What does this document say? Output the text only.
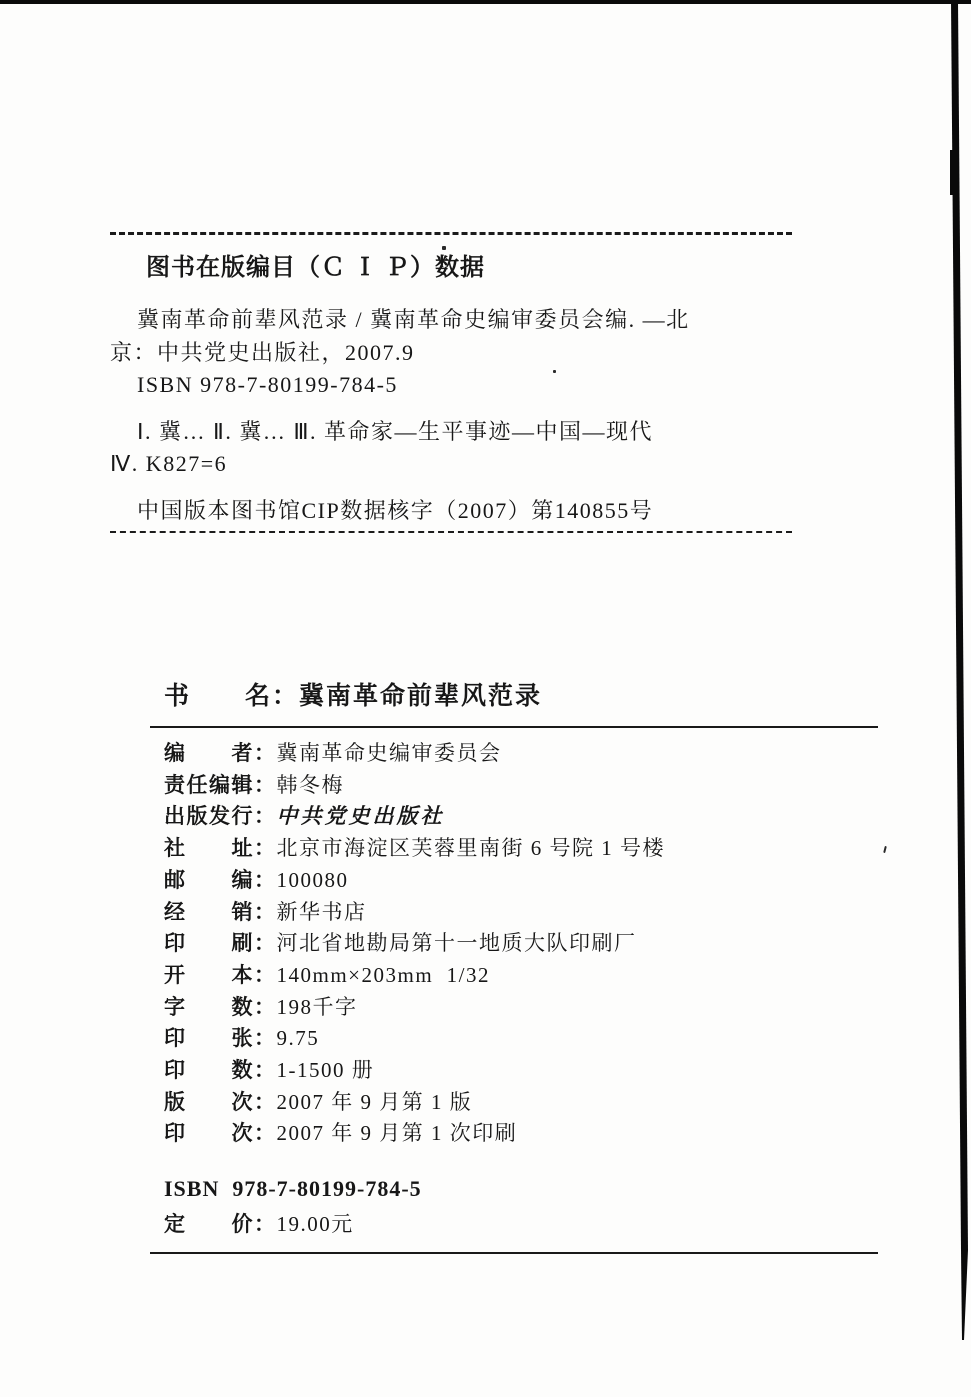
图书在版编目（Ｃ Ｉ Ｐ）数据

冀南革命前辈风范录 / 冀南革命史编审委员会编. —北

京：中共党史出版社，2007.9

ISBN 978-7-80199-784-5

Ⅰ. 冀… Ⅱ. 冀… Ⅲ. 革命家—生平事迹—中国—现代

Ⅳ. K827=6

中国版本图书馆CIP数据核字（2007）第140855号

书　　名：冀南革命前辈风范录
编　　者：冀南革命史编审委员会
责任编辑：韩冬梅
出版发行：中共党史出版社
社　　址：北京市海淀区芙蓉里南街 6 号院 1 号楼
邮　　编：100080
经　　销：新华书店
印　　刷：河北省地勘局第十一地质大队印刷厂
开　　本：140mm×203mm  1/32
字　　数：198千字
印　　张：9.75
印　　数：1-1500 册
版　　次：2007 年 9 月第 1 版
印　　次：2007 年 9 月第 1 次印刷
ISBN  978-7-80199-784-5
定　　价：19.00元
